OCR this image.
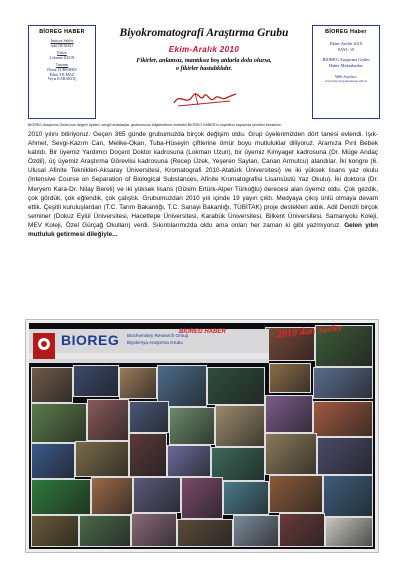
BİOREG HABER
İmtiyaz Sahibi
Adil DENİZLİ
Editör
Lokman UZUN
Tasarım
Deniz TÜRKMEN
Erkut YILMAZ
Veyis KARAKOÇ
Biyokromatografi Araştırma Grubu
Ekim-Aralık 2010
Fikirler, anlamsız, mantıksız boş atılarla dolu olursa,
o fikirler hastalıklıdır.
BİOREG Haber
Ekim-Aralık 2010
SAYI: 19
BİOREG Araştırma Grubu
Haber Mektubudur.
Web Sayfası:
www.biyoreg.hacettepe.edu.tr
BİOREG Araştırma Grubu'nun değerli üyeleri, sevgili arkadaşlar, grubumuzun bilgilendirme mektubu BİOREG HABER'in onyedinci sayısında yeniden beraberiz.
2010 yılını bitiriyoruz. Geçen 365 günde grubumuzda birçok değişim oldu. Grup üyelerimizden dört tanesi evlendi. Işık-Ahmet, Sevgi-Kazım Can, Melike-Okan, Tuba-Hüseyin çiftlerine ömür boyu mutluluklar diliyoruz. Aramıza Pırıl Bebek katıldı. Bir üyemiz Yardımcı Doçent Doktor kadrosuna (Lokman Uzun), bir üyemiz Kimyager kadrosuna (Dr. Müge Andaç Özdil), üç üyemiz Araştırma Görevlisi kadrosuna (Recep Üzek, Yeşeren Saylan, Canan Armutcu) atandılar. İki kongre (6. Ulusal Afinite Teknikleri-Aksaray Üniversitesi, Kromatografi 2010-Atatürk Üniversitesi) ve iki yüksek lisans yaz okulu (Intensive Course on Separation of Biological Substances, Afinite Kromatografisi Lisansüstü Yaz Okulu). İki doktora (Dr. Meryem Kara-Dr. Nilay Bereli) ve iki yüksek lisans (Gizem Ertürk-Alper Türkoğlu) derecesi alan üyemiz oldu. Çok gezdik, çok gördük, çok eğlendik, çok çalıştık. Grubumuzdan 2010 yılı içinde 19 yayın çıktı. Medyaya çıkış ünlü olmaya devam ettik. Çeşitli kuruluşlardan (T.C. Tarım Bakanlığı, T.C. Sanayi Bakanlığı, TÜBİTAK) proje destekleri aldık. Adil Denizli birçok seminer (Dokuz Eylül Üniversitesi, Hacettepe Üniversitesi, Karabük Üniversitesi, Bilkent Üniversitesi, Samanyolu Koleji, MEV Koleji, Özel Gürçağ Okulları) verdi. Sıkıntılarımızda oldu ama onları her zaman ki gibi yazmıyoruz. Gelen yılın mutluluk getirmesi dileğiyle...
BIOREG	BİOREG HABER
Biochemistry Research Group
Biyokimya Araştırma Grubu
2010'dan Sesler
